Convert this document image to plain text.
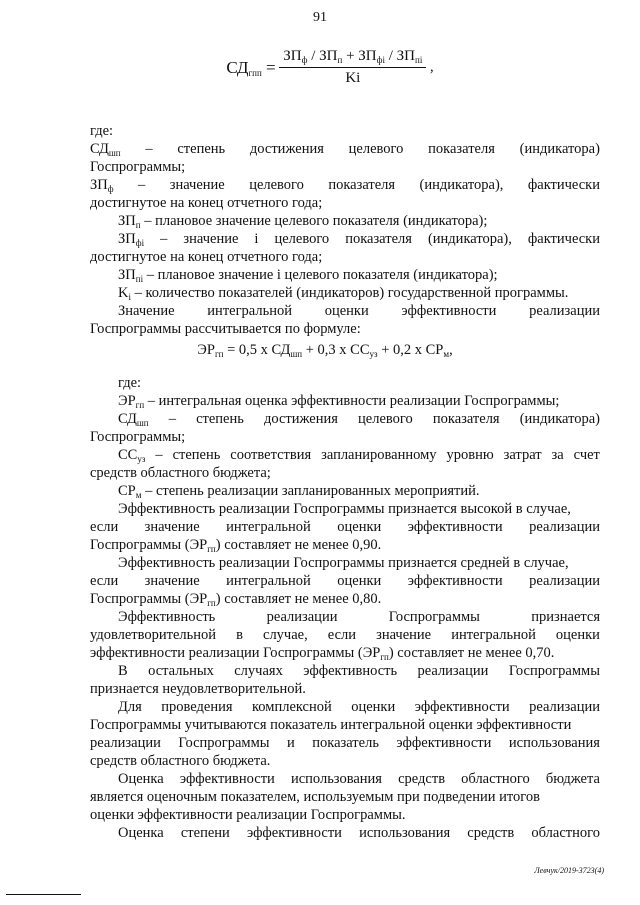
91
$СД_{гпп} = \frac{ЗП_ф / ЗП_п + ЗП_{фi} / ЗП_{пi}}{Ki}$ ,
где:
$СД_{шп}$ – степень достижения целевого показателя (индикатора)
Госпрограммы;
$ЗП_ф$ – значение целевого показателя (индикатора), фактически
достигнутое на конец отчетного года;
$ЗП_п$ – плановое значение целевого показателя (индикатора);
$ЗП_{фi}$ – значение i целевого показателя (индикатора), фактически
достигнутое на конец отчетного года;
$ЗП_{пi}$ – плановое значение i целевого показателя (индикатора);
$K_i$ – количество показателей (индикаторов) государственной программы.
Значение интегральной оценки эффективности реализации
Госпрограммы рассчитывается по формуле:
$ЭР_{гп} = 0,5$ х $СД_{шп} + 0,3$ х $СС_{уз} + 0,2$ х $СР_м$,
где:
$ЭР_{гп}$ – интегральная оценка эффективности реализации Госпрограммы;
$СД_{шп}$ – степень достижения целевого показателя (индикатора)
Госпрограммы;
$СС_{уз}$ – степень соответствия запланированному уровню затрат за счет
средств областного бюджета;
$СР_м$ – степень реализации запланированных мероприятий.
Эффективность реализации Госпрограммы признается высокой в случае,
если значение интегральной оценки эффективности реализации
Госпрограммы $(ЭР_{гп})$ составляет не менее 0,90.
Эффективность реализации Госпрограммы признается средней в случае,
если значение интегральной оценки эффективности реализации
Госпрограммы $(ЭР_{гп})$ составляет не менее 0,80.
Эффективность	реализации	Госпрограммы	признается
удовлетворительной в случае, если значение интегральной оценки
эффективности реализации Госпрограммы $(ЭР_{гп})$ составляет не менее 0,70.
В остальных случаях эффективность реализации Госпрограммы
признается неудовлетворительной.
Для проведения комплексной оценки эффективности реализации
Госпрограммы учитываются показатель интегральной оценки эффективности
реализации Госпрограммы и показатель эффективности использования
средств областного бюджета.
Оценка эффективности использования средств областного бюджета
является оценочным показателем, используемым при подведении итогов
оценки эффективности реализации Госпрограммы.
Оценка степени эффективности использования средств областного
Левчук/2019-3723(4)
